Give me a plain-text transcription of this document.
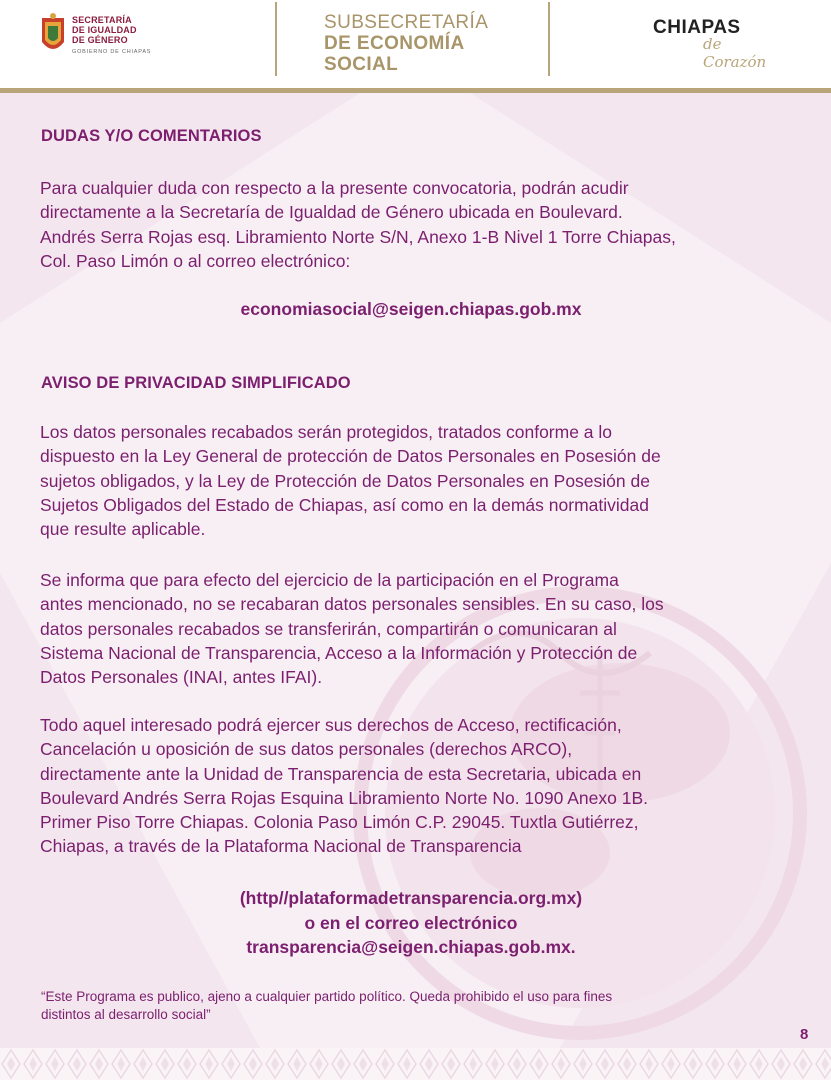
SECRETARÍA
DE IGUALDAD
DE GÉNERO
GOBIERNO DE CHIAPAS
SUBSECRETARÍA
DE ECONOMÍA
SOCIAL
CHIAPAS
de Corazón
DUDAS Y/O COMENTARIOS
Para cualquier duda con respecto a la presente convocatoria, podrán acudir
directamente a la Secretaría de Igualdad de Género ubicada en Boulevard.
Andrés Serra Rojas esq. Libramiento Norte S/N, Anexo 1-B Nivel 1 Torre Chiapas,
Col. Paso Limón o al correo electrónico:
economiasocial@seigen.chiapas.gob.mx
AVISO DE PRIVACIDAD SIMPLIFICADO
Los datos personales recabados serán protegidos, tratados conforme a lo
dispuesto en la Ley General de protección de Datos Personales en Posesión de
sujetos obligados, y la Ley de Protección de Datos Personales en Posesión de
Sujetos Obligados del Estado de Chiapas, así como en la demás normatividad
que resulte aplicable.
Se informa que para efecto del ejercicio de la participación en el Programa
antes mencionado, no se recabaran datos personales sensibles. En su caso, los
datos personales recabados se transferirán, compartirán o comunicaran al
Sistema Nacional de Transparencia, Acceso a la Información y Protección de
Datos Personales (INAI, antes IFAI).
Todo aquel interesado podrá ejercer sus derechos de Acceso, rectificación,
Cancelación u oposición de sus datos personales (derechos ARCO),
directamente ante la Unidad de Transparencia de esta Secretaria, ubicada en
Boulevard Andrés Serra Rojas Esquina Libramiento Norte No. 1090 Anexo 1B.
Primer Piso Torre Chiapas. Colonia Paso Limón C.P. 29045. Tuxtla Gutiérrez,
Chiapas, a través de la Plataforma Nacional de Transparencia
(http//plataformadetransparencia.org.mx)
o en el correo electrónico
transparencia@seigen.chiapas.gob.mx.
“Este Programa es publico, ajeno a cualquier partido político. Queda prohibido el uso para fines
distintos al desarrollo social”
8
